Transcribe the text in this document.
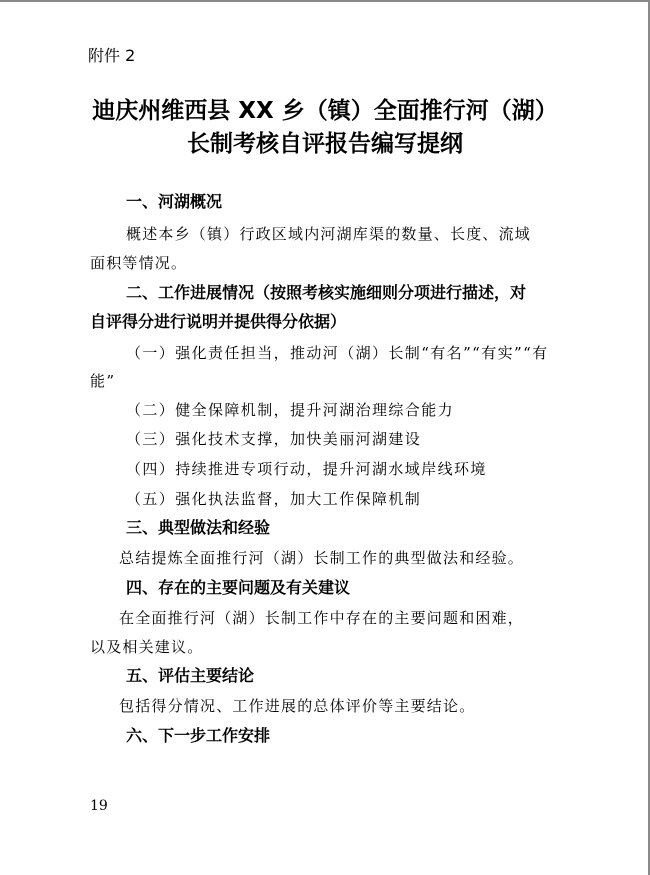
附件 2
迪庆州维西县 XX 乡（镇）全面推行河（湖）
长制考核自评报告编写提纲
一、河湖概况
概述本乡（镇）行政区域内河湖库渠的数量、长度、流域
面积等情况。
二、工作进展情况（按照考核实施细则分项进行描述，对
自评得分进行说明并提供得分依据）
（一）强化责任担当，推动河（湖）长制“有名”“有实”“有
能”
（二）健全保障机制，提升河湖治理综合能力
（三）强化技术支撑，加快美丽河湖建设
（四）持续推进专项行动，提升河湖水域岸线环境
（五）强化执法监督，加大工作保障机制
三、典型做法和经验
总结提炼全面推行河（湖）长制工作的典型做法和经验。
四、存在的主要问题及有关建议
在全面推行河（湖）长制工作中存在的主要问题和困难，
以及相关建议。
五、评估主要结论
包括得分情况、工作进展的总体评价等主要结论。
六、下一步工作安排
19
